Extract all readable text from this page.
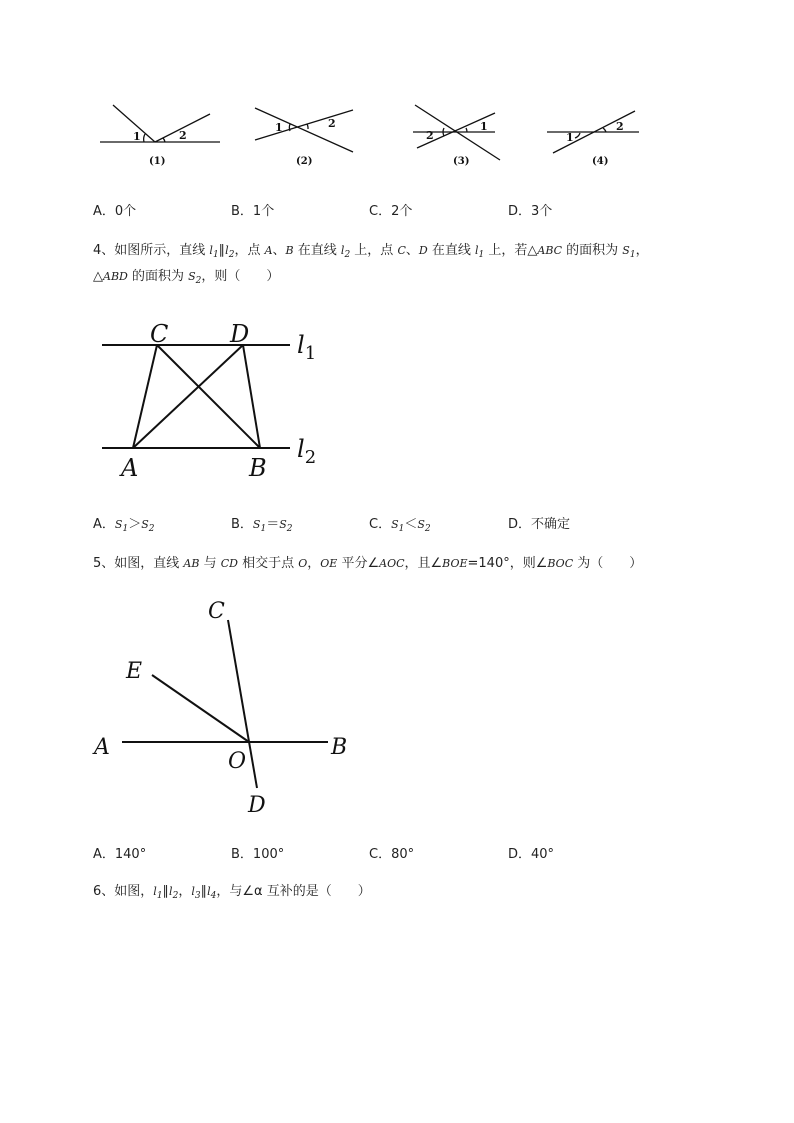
1	2
(1)
1	2
(2)
2
1
(3)
1
2
(4)
A．0个	B．1个	C．2个	D．3个
4、如图所示，直线 $l_1\parallel l_2$，点 A、B 在直线 $l_2$ 上，点 C、D 在直线 $l_1$ 上，若△ABC 的面积为 $S_1$，
△ABD 的面积为 $S_2$，则（　　）
C	D
A	B
$l_1$
$l_2$
A．$S_1>S_2$	B．$S_1=S_2$	C．$S_1<S_2$	D．不确定
5、如图，直线 AB 与 CD 相交于点 O，OE 平分∠AOC，且∠BOE=140°，则∠BOC 为（　　）
C
E
A
O
B
D
A．140°	B．100°	C．80°	D．40°
6、如图，$l_1\parallel l_2$，$l_3\parallel l_4$，与∠α 互补的是（　　）
